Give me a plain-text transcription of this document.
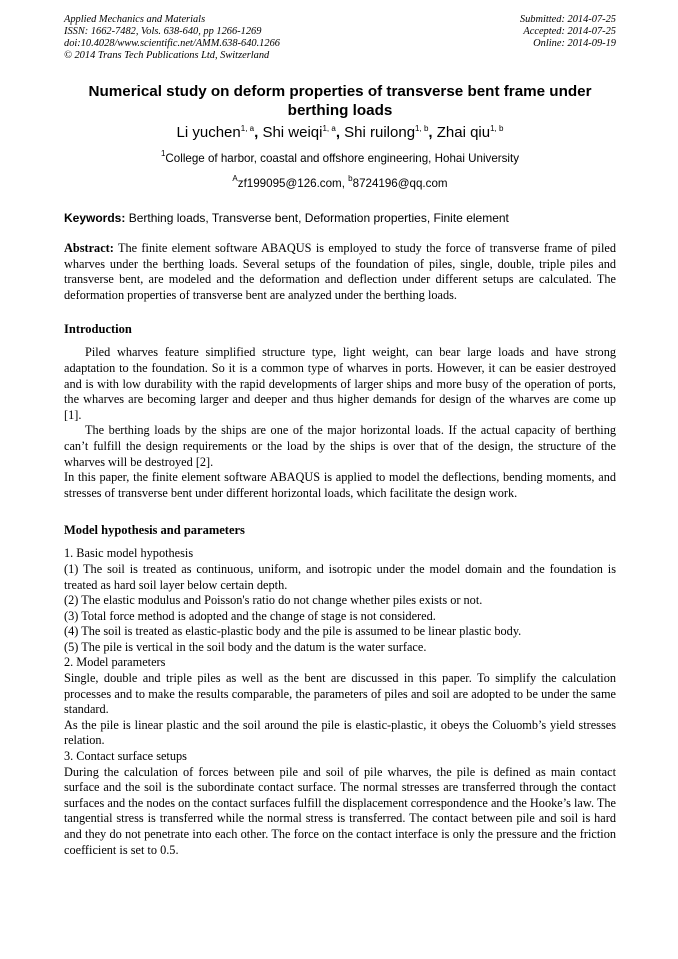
Applied Mechanics and Materials
ISSN: 1662-7482, Vols. 638-640, pp 1266-1269
doi:10.4028/www.scientific.net/AMM.638-640.1266
© 2014 Trans Tech Publications Ltd, Switzerland
Submitted: 2014-07-25
Accepted: 2014-07-25
Online: 2014-09-19
Numerical study on deform properties of transverse bent frame under berthing loads
Li yuchen$^{1, a}$, Shi weiqi$^{1, a}$, Shi ruilong$^{1, b}$, Zhai qiu$^{1, b}$
$^1$College of harbor, coastal and offshore engineering, Hohai University
$^A$zf199095@126.com, $^b$8724196@qq.com
Keywords: Berthing loads, Transverse bent, Deformation properties, Finite element
Abstract: The finite element software ABAQUS is employed to study the force of transverse frame of piled wharves under the berthing loads. Several setups of the foundation of piles, single, double, triple piles and transverse bent, are modeled and the deformation and deflection under different setups are calculated. The deformation properties of transverse bent are analyzed under the berthing loads.
Introduction

Piled wharves feature simplified structure type, light weight, can bear large loads and have strong adaptation to the foundation. So it is a common type of wharves in ports. However, it can be easier destroyed and is with low durability with the rapid developments of larger ships and more busy of the operation of ports, the wharves are becoming larger and deeper and thus higher demands for design of the wharves are come up [1].

The berthing loads by the ships are one of the major horizontal loads. If the actual capacity of berthing can’t fulfill the design requirements or the load by the ships is over that of the design, the structure of the wharves will be destroyed [2].

In this paper, the finite element software ABAQUS is applied to model the deflections, bending moments, and stresses of transverse bent under different horizontal loads, which facilitate the design work.

Model hypothesis and parameters

1. Basic model hypothesis

(1) The soil is treated as continuous, uniform, and isotropic under the model domain and the foundation is treated as hard soil layer below certain depth.

(2) The elastic modulus and Poisson's ratio do not change whether piles exists or not.

(3) Total force method is adopted and the change of stage is not considered.

(4) The soil is treated as elastic-plastic body and the pile is assumed to be linear plastic body.

(5) The pile is vertical in the soil body and the datum is the water surface.

2. Model parameters

Single, double and triple piles as well as the bent are discussed in this paper. To simplify the calculation processes and to make the results comparable, the parameters of piles and soil are adopted to be under the same standard.

As the pile is linear plastic and the soil around the pile is elastic-plastic, it obeys the Coluomb’s yield stresses relation.

3. Contact surface setups

During the calculation of forces between pile and soil of pile wharves, the pile is defined as main contact surface and the soil is the subordinate contact surface. The normal stresses are transferred through the contact surfaces and the nodes on the contact surfaces fulfill the displacement correspondence and the Hooke’s law. The tangential stress is transferred while the normal stress is transferred. The contact between pile and soil is hard and they do not penetrate into each other. The force on the contact interface is only the pressure and the friction coefficient is set to 0.5.
